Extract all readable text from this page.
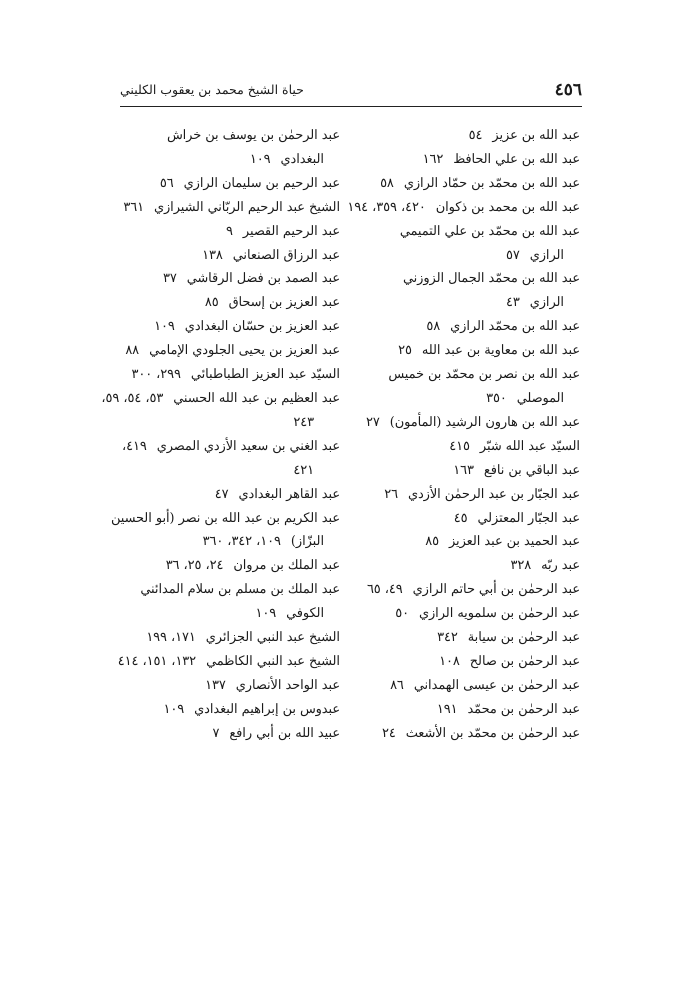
٤٥٦
حياة الشيخ محمد بن يعقوب الكليني
عبد الله بن عزيز٥٤
عبد الله بن علي الحافظ١٦٢
عبد الله بن محمّد بن حمّاد الرازي٥٨
عبد الله بن محمد بن ذكوان٤٢٠، ٣٥٩، ١٩٤
عبد الله بن محمّد بن علي التميمي
الرازي٥٧
عبد الله بن محمّد الجمال الزوزني
الرازي٤٣
عبد الله بن محمّد الرازي٥٨
عبد الله بن معاوية بن عبد الله٢٥
عبد الله بن نصر بن محمّد بن خميس
الموصلي٣٥٠
عبد الله بن هارون الرشيد (المأمون)٢٧
السيّد عبد الله شبّر٤١٥
عبد الباقي بن نافع١٦٣
عبد الجبّار بن عبد الرحمٰن الأزدي٢٦
عبد الجبّار المعتزلي٤٥
عبد الحميد بن عبد العزيز٨٥
عبد ربّه٣٢٨
عبد الرحمٰن بن أبي حاتم الرازي٤٩، ٦٥
عبد الرحمٰن بن سلمويه الرازي٥٠
عبد الرحمٰن بن سيابة٣٤٢
عبد الرحمٰن بن صالح١٠٨
عبد الرحمٰن بن عيسى الهمداني٨٦
عبد الرحمٰن بن محمّد١٩١
عبد الرحمٰن بن محمّد بن الأشعث٢٤
عبد الرحمٰن بن يوسف بن خراش
البغدادي١٠٩
عبد الرحيم بن سليمان الرازي٥٦
الشيخ عبد الرحيم الربّاني الشيرازي٣٦١
عبد الرحيم القصير٩
عبد الرزاق الصنعاني١٣٨
عبد الصمد بن فضل الرقاشي٣٧
عبد العزيز بن إسحاق٨٥
عبد العزيز بن حسّان البغدادي١٠٩
عبد العزيز بن يحيى الجلودي الإمامي٨٨
السيّد عبد العزيز الطباطبائي٢٩٩، ٣٠٠
عبد العظيم بن عبد الله الحسني٥٣، ٥٤، ٥٩،
٢٤٣
عبد الغني بن سعيد الأزدي المصري٤١٩،
٤٢١
عبد القاهر البغدادي٤٧
عبد الكريم بن عبد الله بن نصر (أبو الحسين
البزّاز)١٠٩، ٣٤٢، ٣٦٠
عبد الملك بن مروان٢٤، ٢٥، ٣٦
عبد الملك بن مسلم بن سلام المدائني
الكوفي١٠٩
الشيخ عبد النبي الجزائري١٧١، ١٩٩
الشيخ عبد النبي الكاظمي١٣٢، ١٥١، ٤١٤
عبد الواحد الأنصاري١٣٧
عبدوس بن إبراهيم البغدادي١٠٩
عبيد الله بن أبي رافع٧
